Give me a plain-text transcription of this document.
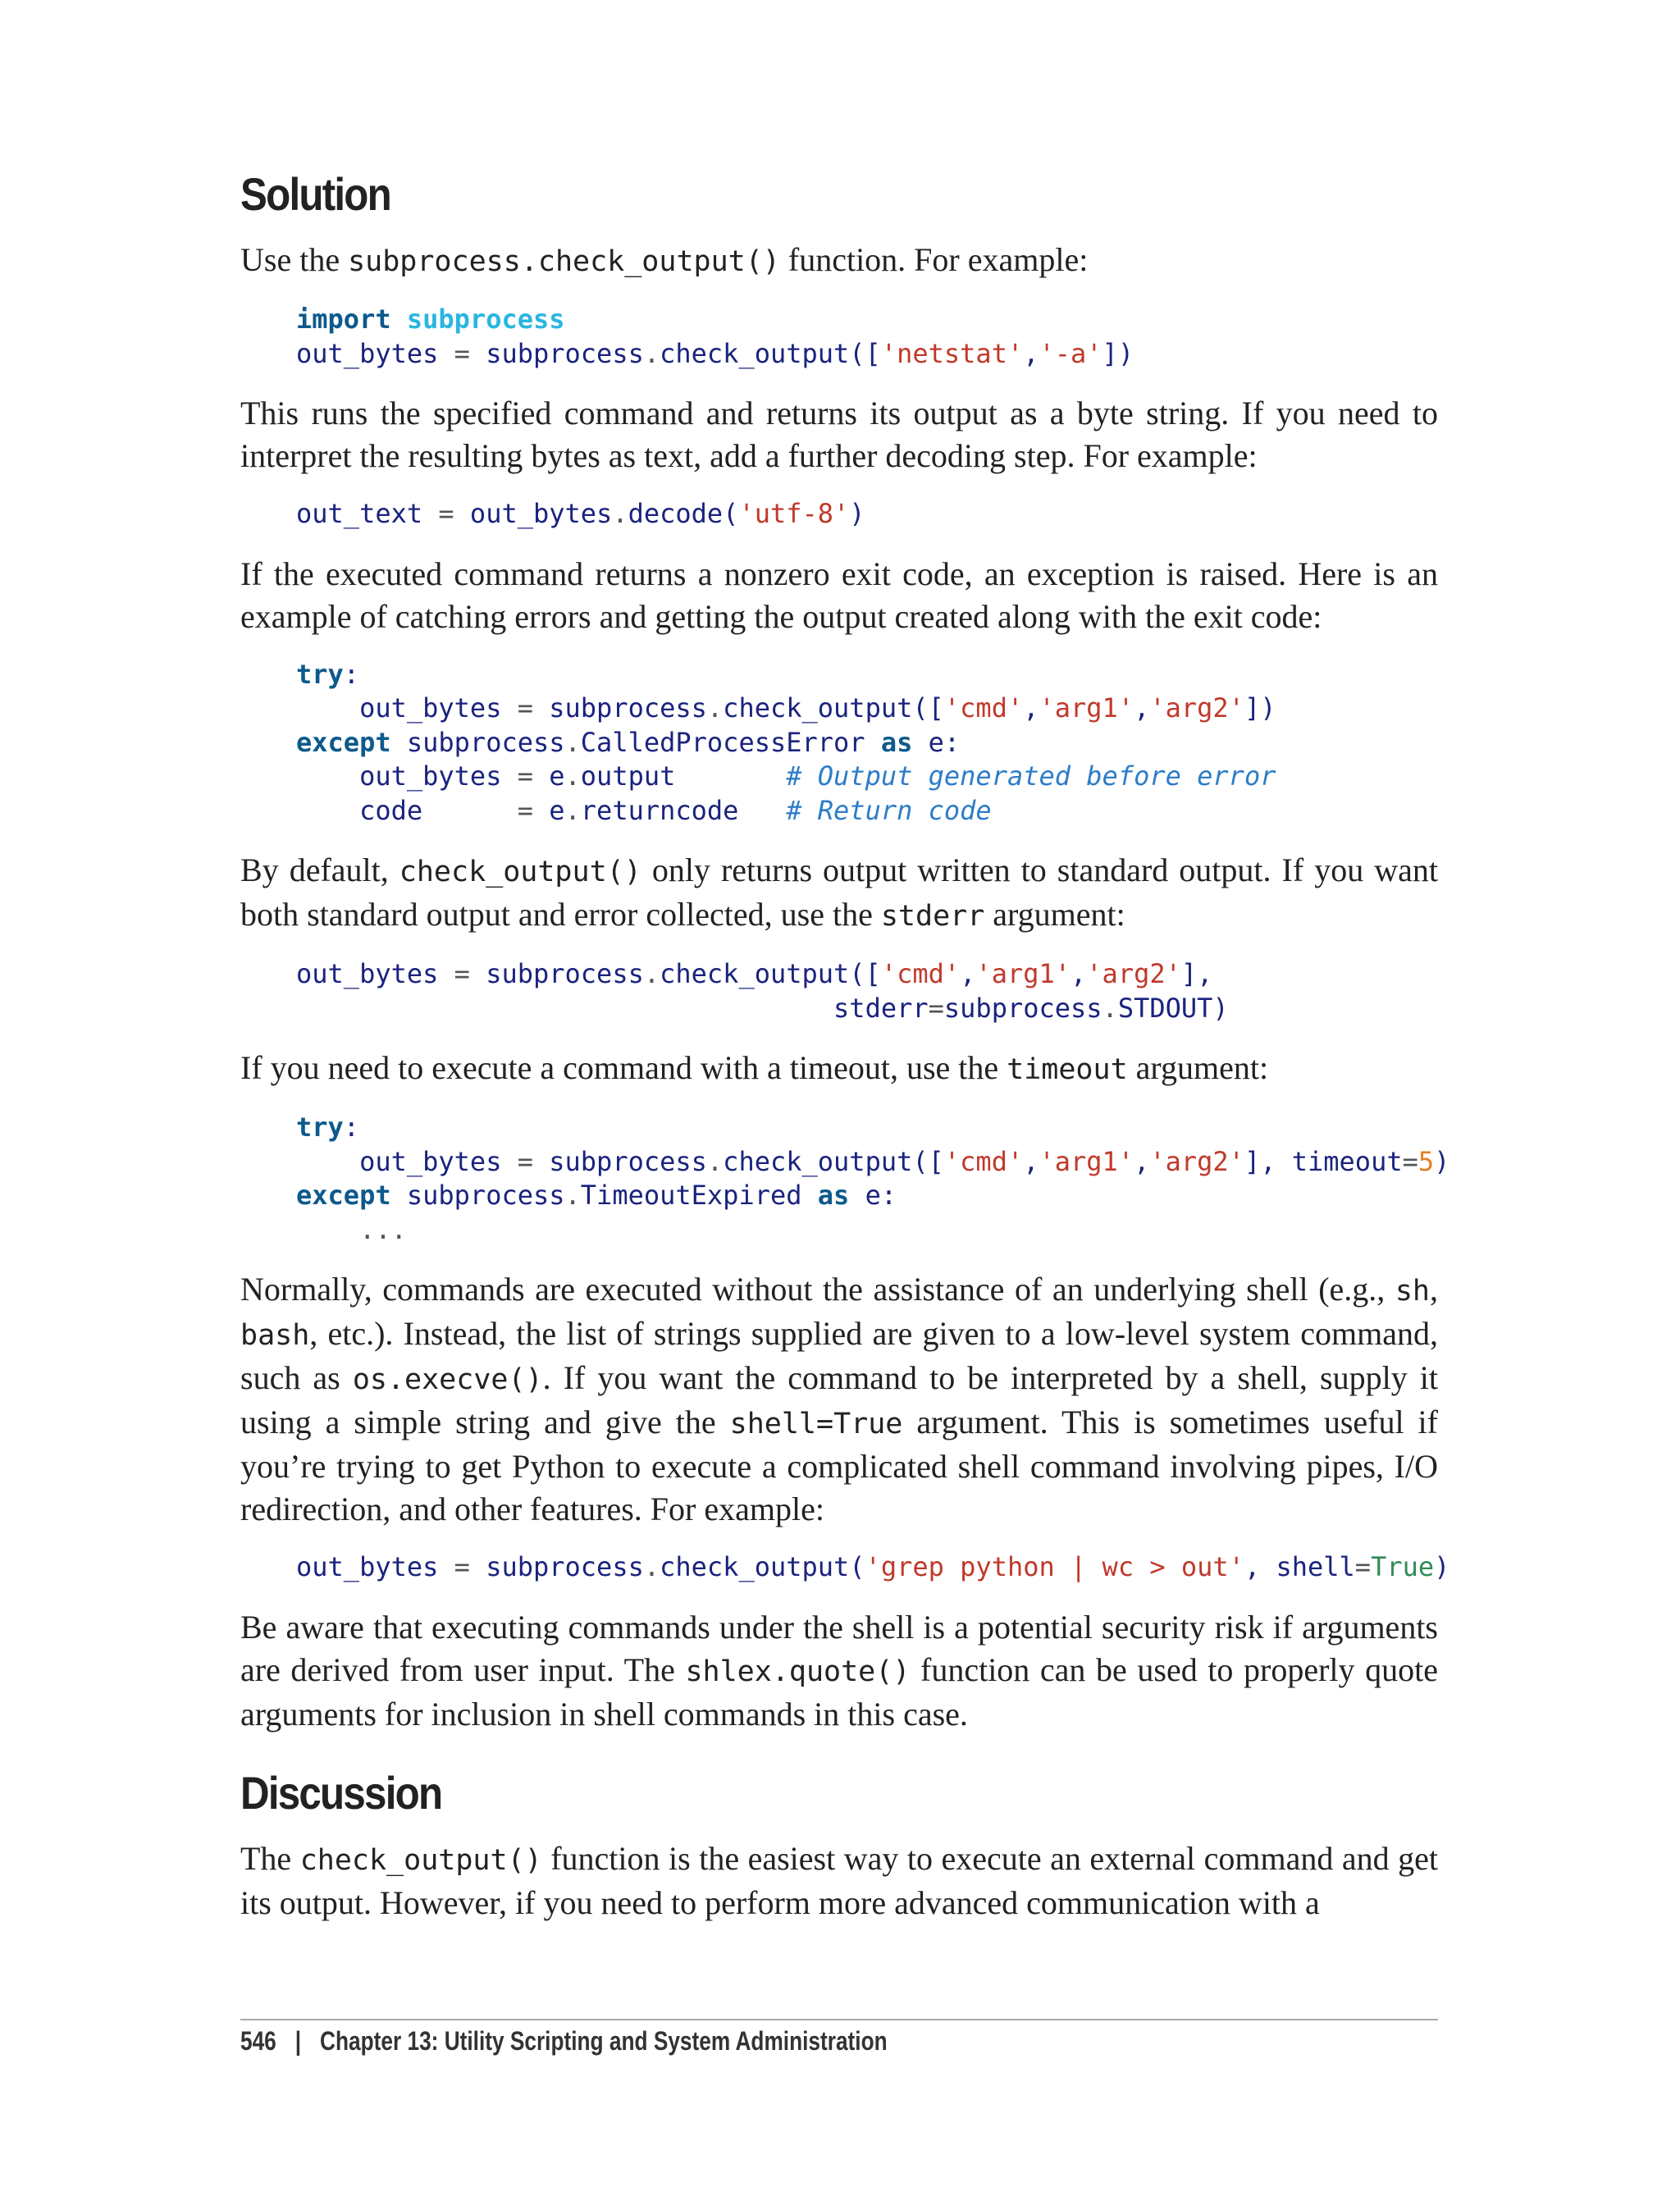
Solution

Use the subprocess.check_output() function. For example:

import subprocess
out_bytes = subprocess.check_output(['netstat','-a'])

This runs the specified command and returns its output as a byte string. If you need to interpret the resulting bytes as text, add a further decoding step. For example:

out_text = out_bytes.decode('utf-8')

If the executed command returns a nonzero exit code, an exception is raised. Here is an example of catching errors and getting the output created along with the exit code:

try:
out_bytes = subprocess.check_output(['cmd','arg1','arg2'])
except subprocess.CalledProcessError as e:
out_bytes = e.output	# Output generated before error
code	= e.returncode # Return code

By default, check_output() only returns output written to standard output. If you want both standard output and error collected, use the stderr argument:

out_bytes = subprocess.check_output(['cmd','arg1','arg2'],
stderr=subprocess.STDOUT)

If you need to execute a command with a timeout, use the timeout argument:

try:
out_bytes = subprocess.check_output(['cmd','arg1','arg2'], timeout=5)
except subprocess.TimeoutExpired as e:
...

Normally, commands are executed without the assistance of an underlying shell (e.g., sh, bash, etc.). Instead, the list of strings supplied are given to a low-level system command, such as os.execve(). If you want the command to be interpreted by a shell, supply it using a simple string and give the shell=True argument. This is sometimes useful if you’re trying to get Python to execute a complicated shell command involving pipes, I/O redirection, and other features. For example:

out_bytes = subprocess.check_output('grep python | wc > out', shell=True)

Be aware that executing commands under the shell is a potential security risk if arguments are derived from user input. The shlex.quote() function can be used to properly quote arguments for inclusion in shell commands in this case.

Discussion

The check_output() function is the easiest way to execute an external command and get its output. However, if you need to perform more advanced communication with a

546 | Chapter 13: Utility Scripting and System Administration
